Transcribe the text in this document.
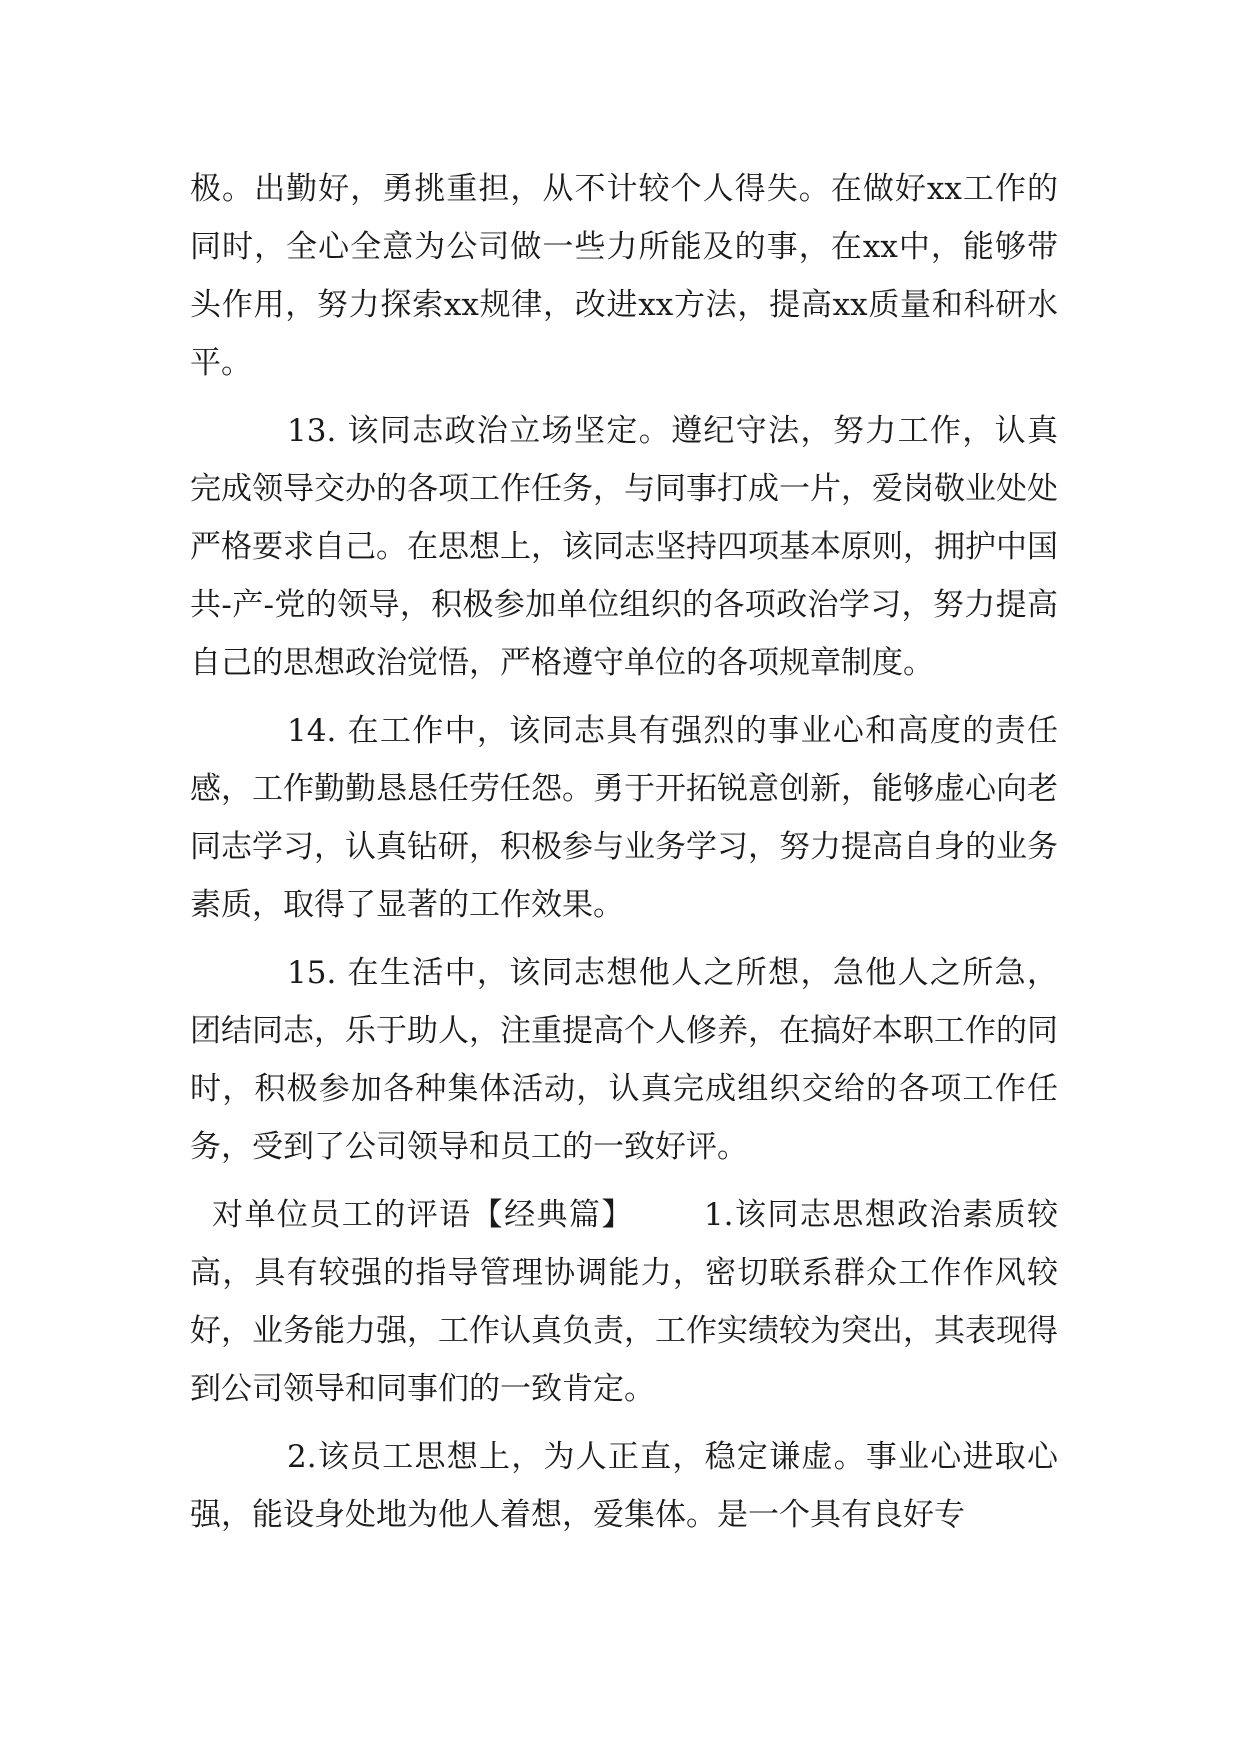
极。出勤好，勇挑重担，从不计较个人得失。在做好xx工作的同时，全心全意为公司做一些力所能及的事，在xx中，能够带头作用，努力探索xx规律，改进xx方法，提高xx质量和科研水平。

13. 该同志政治立场坚定。遵纪守法，努力工作，认真完成领导交办的各项工作任务，与同事打成一片，爱岗敬业处处严格要求自己。在思想上，该同志坚持四项基本原则，拥护中国共-产-党的领导，积极参加单位组织的各项政治学习，努力提高自己的思想政治觉悟，严格遵守单位的各项规章制度。

14. 在工作中，该同志具有强烈的事业心和高度的责任感，工作勤勤恳恳任劳任怨。勇于开拓锐意创新，能够虚心向老同志学习，认真钻研，积极参与业务学习，努力提高自身的业务素质，取得了显著的工作效果。

15. 在生活中，该同志想他人之所想，急他人之所急，团结同志，乐于助人，注重提高个人修养，在搞好本职工作的同时，积极参加各种集体活动，认真完成组织交给的各项工作任务，受到了公司领导和员工的一致好评。

对单位员工的评语【经典篇】 1.该同志思想政治素质较高，具有较强的指导管理协调能力，密切联系群众工作作风较好，业务能力强，工作认真负责，工作实绩较为突出，其表现得到公司领导和同事们的一致肯定。

2.该员工思想上，为人正直，稳定谦虚。事业心进取心强，能设身处地为他人着想，爱集体。是一个具有良好专
